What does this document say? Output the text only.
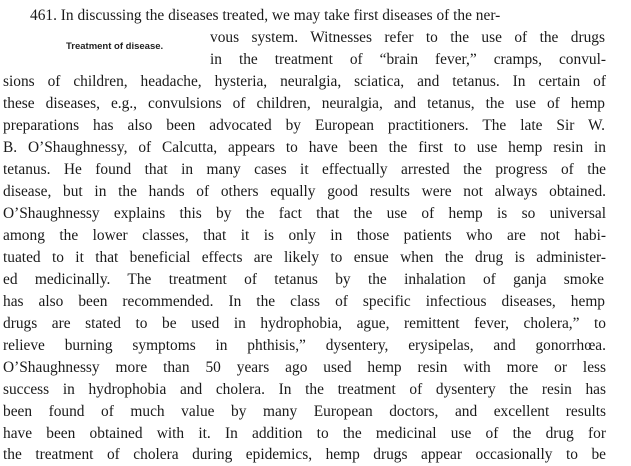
461. In discussing the diseases treated, we may take first diseases of the ner-
Treatment of disease.
vous system. Witnesses refer to the use of the drugs
in the treatment of “brain fever,” cramps, convul-
sions of children, headache, hysteria, neuralgia, sciatica, and tetanus. In certain of
these diseases, e.g., convulsions of children, neuralgia, and tetanus, the use of hemp
preparations has also been advocated by European practitioners. The late Sir W.
B. O’Shaughnessy, of Calcutta, appears to have been the first to use hemp resin in
tetanus. He found that in many cases it effectually arrested the progress of the
disease, but in the hands of others equally good results were not always obtained.
O’Shaughnessy explains this by the fact that the use of hemp is so universal
among the lower classes, that it is only in those patients who are not habi-
tuated to it that beneficial effects are likely to ensue when the drug is administer-
ed medicinally. The treatment of tetanus by the inhalation of ganja smoke
has also been recommended. In the class of specific infectious diseases, hemp
drugs are stated to be used in hydrophobia, ague, remittent fever, cholera,” to
relieve burning symptoms in phthisis,” dysentery, erysipelas, and gonorrhœa.
O’Shaughnessy more than 50 years ago used hemp resin with more or less
success in hydrophobia and cholera. In the treatment of dysentery the resin has
been found of much value by many European doctors, and excellent results
have been obtained with it. In addition to the medicinal use of the drug for
the treatment of cholera during epidemics, hemp drugs appear occasionally to be
